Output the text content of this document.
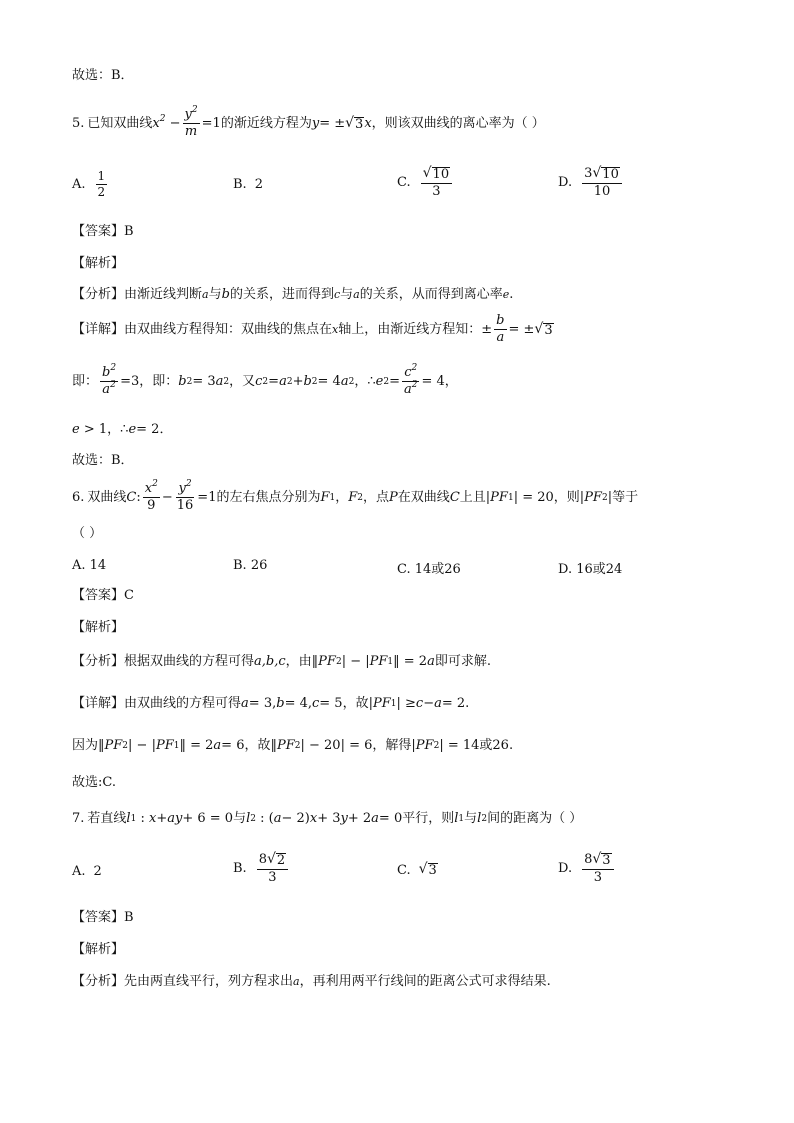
故选：B．
5. 已知双曲线 $x^2 - \frac{y^2}{m} =1$ 的渐近线方程为 y = ± √ 3 x ，则该双曲线的离心率为（ ）
A. $\frac{1}{2}$	B. 2	C. $\frac{√ 10}{3}$	D. $\frac{3 √ 10}{10}$
【答案】 B
【解析】
【分析】 由渐近线判断 a 与 b 的关系，进而得到 c 与 a 的关系，从而得到离心率 e .
【详解】 由双曲线方程得知：双曲线的焦点在 x 轴上，由渐近线方程知： ± $\frac{b}{a}$ = ± √ 3
即： $\frac{b^2}{a^2} =3$ ，即： b 2 = 3 a 2 ，又 c 2 = a 2 + b 2 = 4 a 2 ， ∴ e $2 = \frac{c^2}{a^2} = 4$ ，
e > 1 ， ∴ e = 2 ．
故选：B．
6. 双曲线 C : $\frac{x^2}{9} - \frac{y^2}{16} =1$ 的左右焦点分别为 F 1 ， F 2 ，点 P 在双曲线 C 上且 | PF 1 | = 20 ，则 | PF 2 | 等于
（ ）
A. 14	B. 26	C. 14或26	D. 16或24
【答案】 C
【解析】
【分析】 根据双曲线的方程可得 a,b,c ，由 ‖ PF 2 | − | PF 1 ‖ = 2 a 即可求解.
【详解】 由双曲线的方程可得 a = 3, b = 4, c = 5 ，故 | PF 1 | ≥ c − a = 2 .
因为 ‖ PF 2 | − | PF 1 ‖ = 2 a = 6 ，故 ‖ PF 2 | − 20| = 6 ，解得 | PF 2 | = 14 或26.
故选:C.
7. 若直线 l 1 : x + ay + 6 = 0 与 l 2 : ( a − 2) x + 3 y + 2 a = 0 平行，则 l 1 与 l 2 间的距离为（ ）
A. 2	B. $\frac{8 √ 2}{3}$	C. √ 3	D. $\frac{8 √ 3}{3}$
【答案】 B
【解析】
【分析】 先由两直线平行，列方程求出 a ，再利用两平行线间的距离公式可求得结果.
